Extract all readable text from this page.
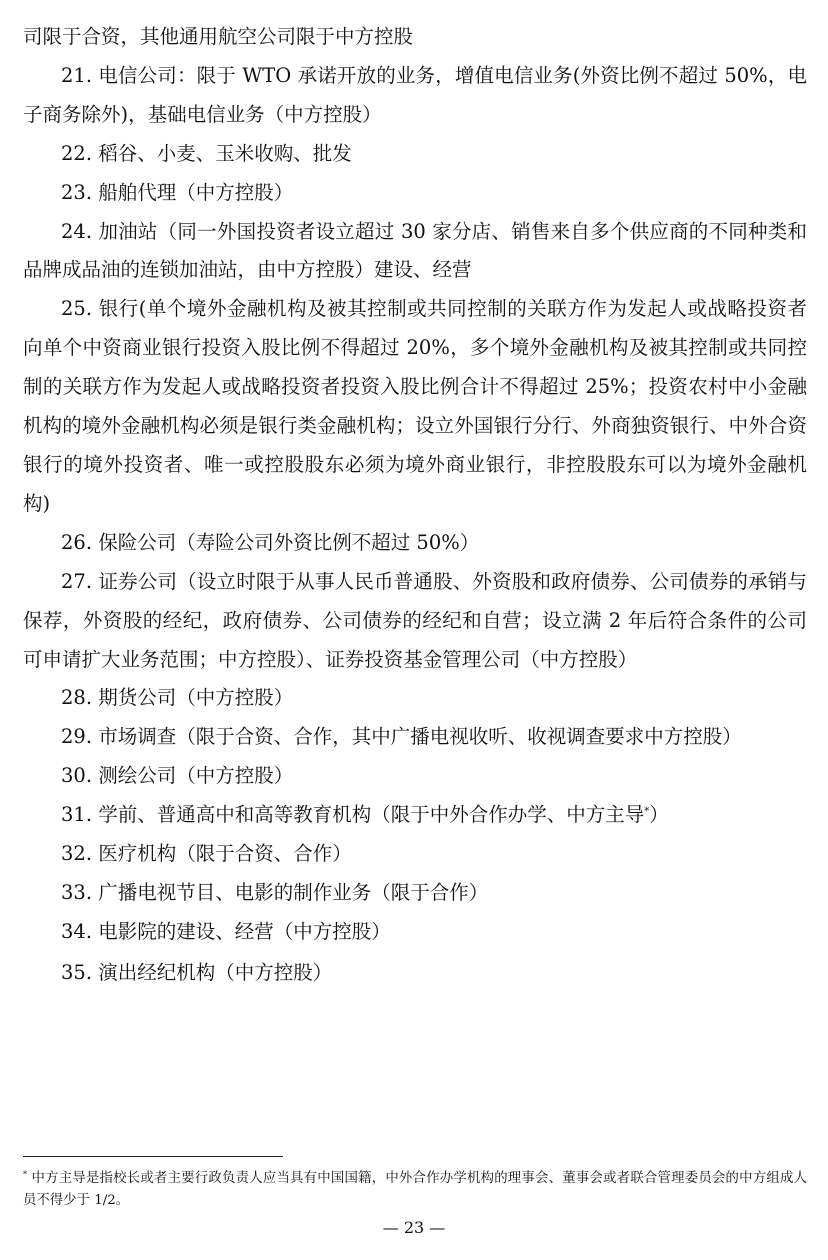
司限于合资，其他通用航空公司限于中方控股

21. 电信公司：限于 WTO 承诺开放的业务，增值电信业务(外资比例不超过 50%，电子商务除外)，基础电信业务（中方控股）

22. 稻谷、小麦、玉米收购、批发

23. 船舶代理（中方控股）

24. 加油站（同一外国投资者设立超过 30 家分店、销售来自多个供应商的不同种类和品牌成品油的连锁加油站，由中方控股）建设、经营

25. 银行(单个境外金融机构及被其控制或共同控制的关联方作为发起人或战略投资者向单个中资商业银行投资入股比例不得超过 20%，多个境外金融机构及被其控制或共同控制的关联方作为发起人或战略投资者投资入股比例合计不得超过 25%；投资农村中小金融机构的境外金融机构必须是银行类金融机构；设立外国银行分行、外商独资银行、中外合资银行的境外投资者、唯一或控股股东必须为境外商业银行，非控股股东可以为境外金融机构)

26. 保险公司（寿险公司外资比例不超过 50%）

27. 证券公司（设立时限于从事人民币普通股、外资股和政府债券、公司债券的承销与保荐，外资股的经纪，政府债券、公司债券的经纪和自营；设立满 2 年后符合条件的公司可申请扩大业务范围；中方控股）、证券投资基金管理公司（中方控股）

28. 期货公司（中方控股）

29. 市场调查（限于合资、合作，其中广播电视收听、收视调查要求中方控股）

30. 测绘公司（中方控股）

31. 学前、普通高中和高等教育机构（限于中外合作办学、中方主导*）

32. 医疗机构（限于合资、合作）

33. 广播电视节目、电影的制作业务（限于合作）

34. 电影院的建设、经营（中方控股）

35. 演出经纪机构（中方控股）

* 中方主导是指校长或者主要行政负责人应当具有中国国籍，中外合作办学机构的理事会、董事会或者联合管理委员会的中方组成人员不得少于 1/2。
— 23 —
